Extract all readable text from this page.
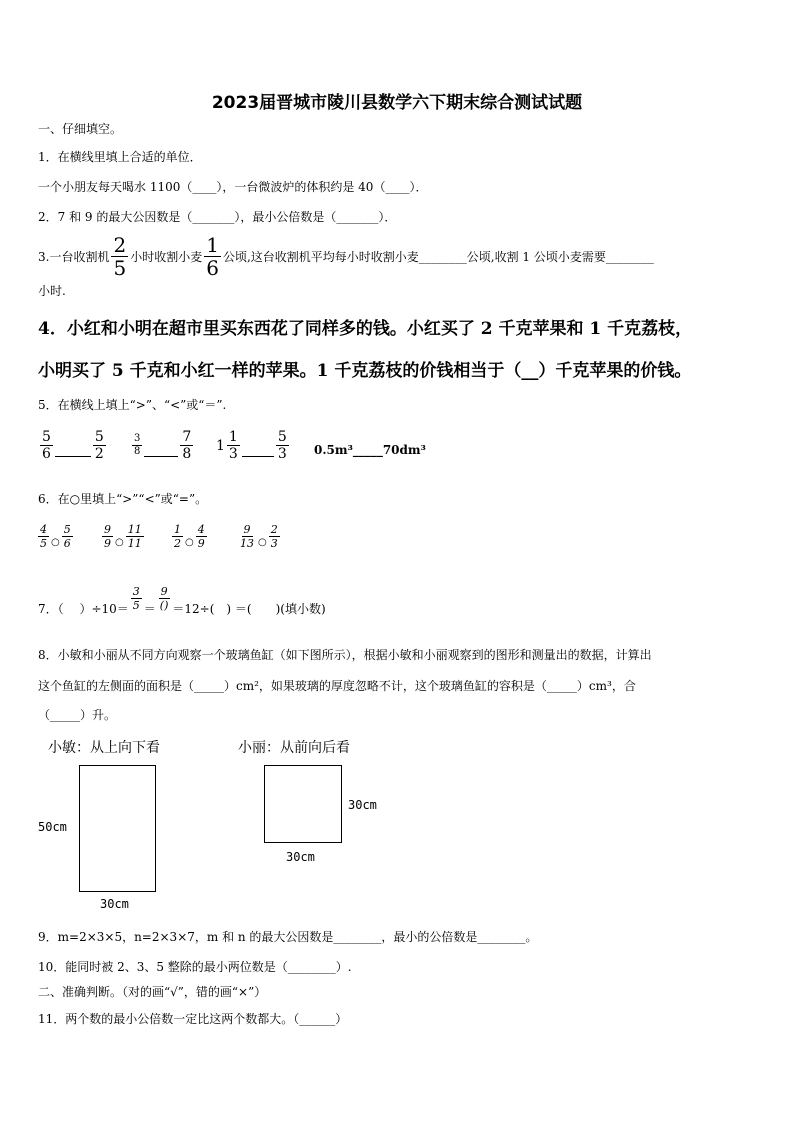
2023届晋城市陵川县数学六下期末综合测试试题
一、仔细填空。
1．在横线里填上合适的单位．
一个小朋友每天喝水 1100（____），一台微波炉的体积约是 40（____）．
2．7 和 9 的最大公因数是（_______），最小公倍数是（_______）．
3.一台收割机 $\frac{2}{5}$ 小时收割小麦 $\frac{1}{6}$ 公顷,这台收割机平均每小时收割小麦________公顷,收割 1 公顷小麦需要________
小时.
4．小红和小明在超市里买东西花了同样多的钱。小红买了 2 千克苹果和 1 千克荔枝，
小明买了 5 千克和小红一样的苹果。1 千克荔枝的价钱相当于（__）千克苹果的价钱。
5．在横线上填上“>”、“<”或“＝”.
$\frac{5}{6}$	$\frac{5}{2}$	$\frac{3}{8}$	$\frac{7}{8} 1 \frac{1}{3}$	$\frac{5}{3}$ 0.5m³_____70dm³
6．在○里填上“>”“<”或“=”。
$\frac{4}{5}$ ○ $\frac{5}{6}$	$\frac{9}{9}$ ○ $\frac{11}{11}$	$\frac{1}{2}$ ○ $\frac{4}{9}$	$\frac{9}{13}$ ○ $\frac{2}{3}$
7．（　 ）$\div 10= \frac{3}{5} = \frac{9}{()} =12\div$(　) ＝(　　)(填小数)
8．小敏和小丽从不同方向观察一个玻璃鱼缸（如下图所示），根据小敏和小丽观察到的图形和测量出的数据，计算出
这个鱼缸的左侧面的面积是（_____）cm²，如果玻璃的厚度忽略不计，这个玻璃鱼缸的容积是（_____）cm³，合
（_____）升。
小敏：从上向下看	小丽：从前向后看
50cm
30cm
30cm
30cm
9．m=2×3×5，n=2×3×7，m 和 n 的最大公因数是________，最小的公倍数是________。
10．能同时被 2、3、5 整除的最小两位数是（________）.
二、准确判断。（对的画“√”，错的画“×”）
11．两个数的最小公倍数一定比这两个数都大。（______）
